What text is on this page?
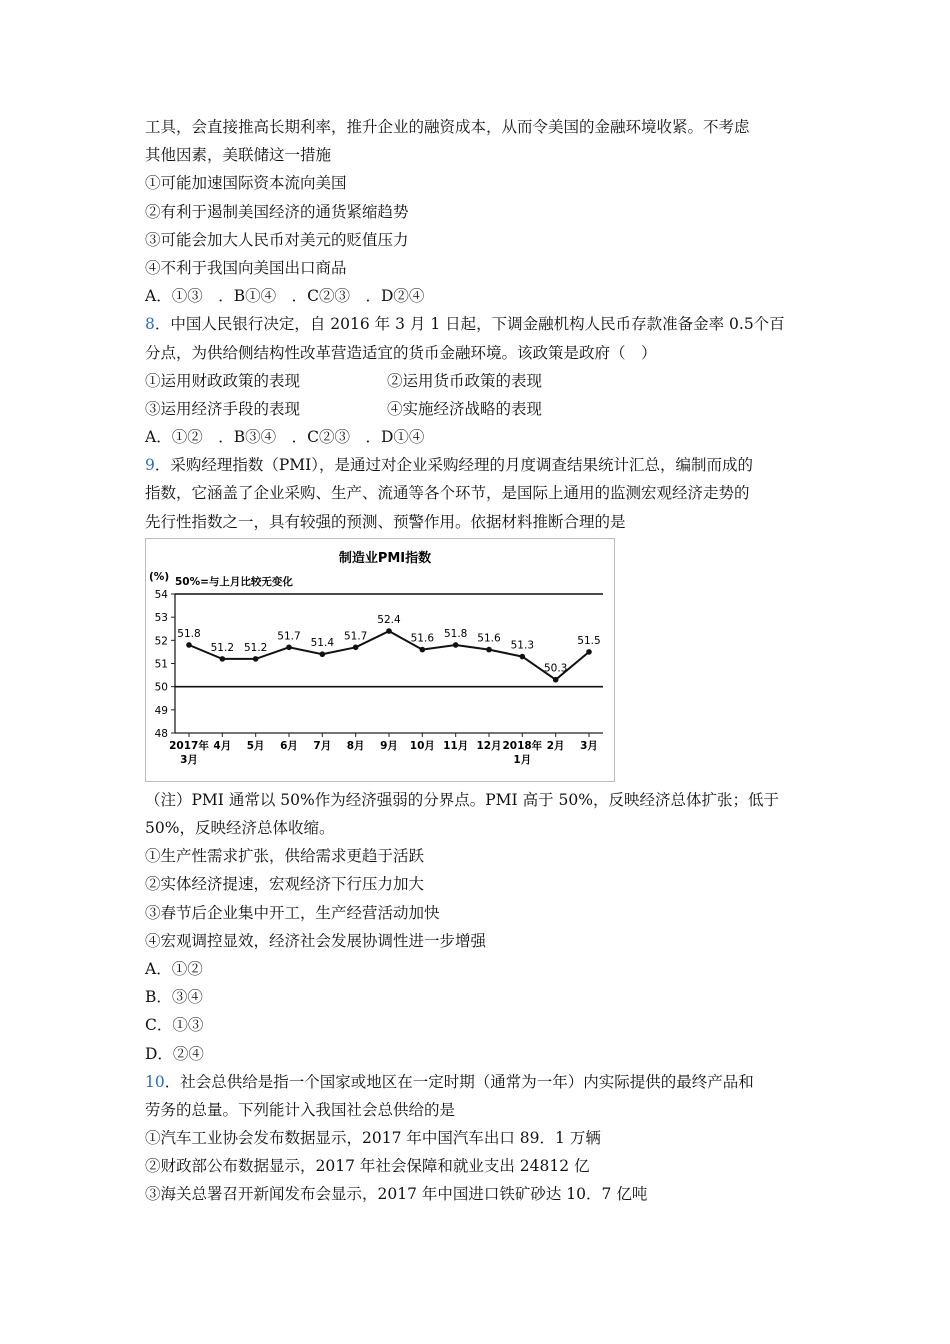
工具，会直接推高长期利率，推升企业的融资成本，从而令美国的金融环境收紧。不考虑
其他因素，美联储这一措施
①可能加速国际资本流向美国
②有利于遏制美国经济的通货紧缩趋势
③可能会加大人民币对美元的贬值压力
④不利于我国向美国出口商品
A．①③　．B①④　．C②③　．D②④
8．中国人民银行决定，自 2016 年 3 月 1 日起，下调金融机构人民币存款准备金率 0.5个百
分点，为供给侧结构性改革营造适宜的货币金融环境。该政策是政府（　）
①运用财政政策的表现	②运用货币政策的表现
③运用经济手段的表现	④实施经济战略的表现
A．①②　．B③④　．C②③　．D①④
9．采购经理指数（PMI），是通过对企业采购经理的月度调查结果统计汇总，编制而成的
指数，它涵盖了企业采购、生产、流通等各个环节，是国际上通用的监测宏观经济走势的
先行性指数之一，具有较强的预测、预警作用。依据材料推断合理的是
制造业PMI指数
(%) 50%=与上月比较无变化
48
49
50
51
52
53
54
51.8
51.2 51.2
51.7
51.4
51.7
52.4
51.6 51.8 51.6
51.3
50.3
51.5
2017年
3月
4月 5月 6月 7月 8月 9月 10月 11月 12月 2018年
1月
2月 3月
（注）PMI 通常以 50%作为经济强弱的分界点。PMI 高于 50%，反映经济总体扩张；低于
50%，反映经济总体收缩。
①生产性需求扩张，供给需求更趋于活跃
②实体经济提速，宏观经济下行压力加大
③春节后企业集中开工，生产经营活动加快
④宏观调控显效，经济社会发展协调性进一步增强
A．①②
B．③④
C．①③
D．②④
10．社会总供给是指一个国家或地区在一定时期（通常为一年）内实际提供的最终产品和
劳务的总量。下列能计入我国社会总供给的是
①汽车工业协会发布数据显示，2017 年中国汽车出口 89．1 万辆
②财政部公布数据显示，2017 年社会保障和就业支出 24812 亿
③海关总署召开新闻发布会显示，2017 年中国进口铁矿砂达 10．7 亿吨
